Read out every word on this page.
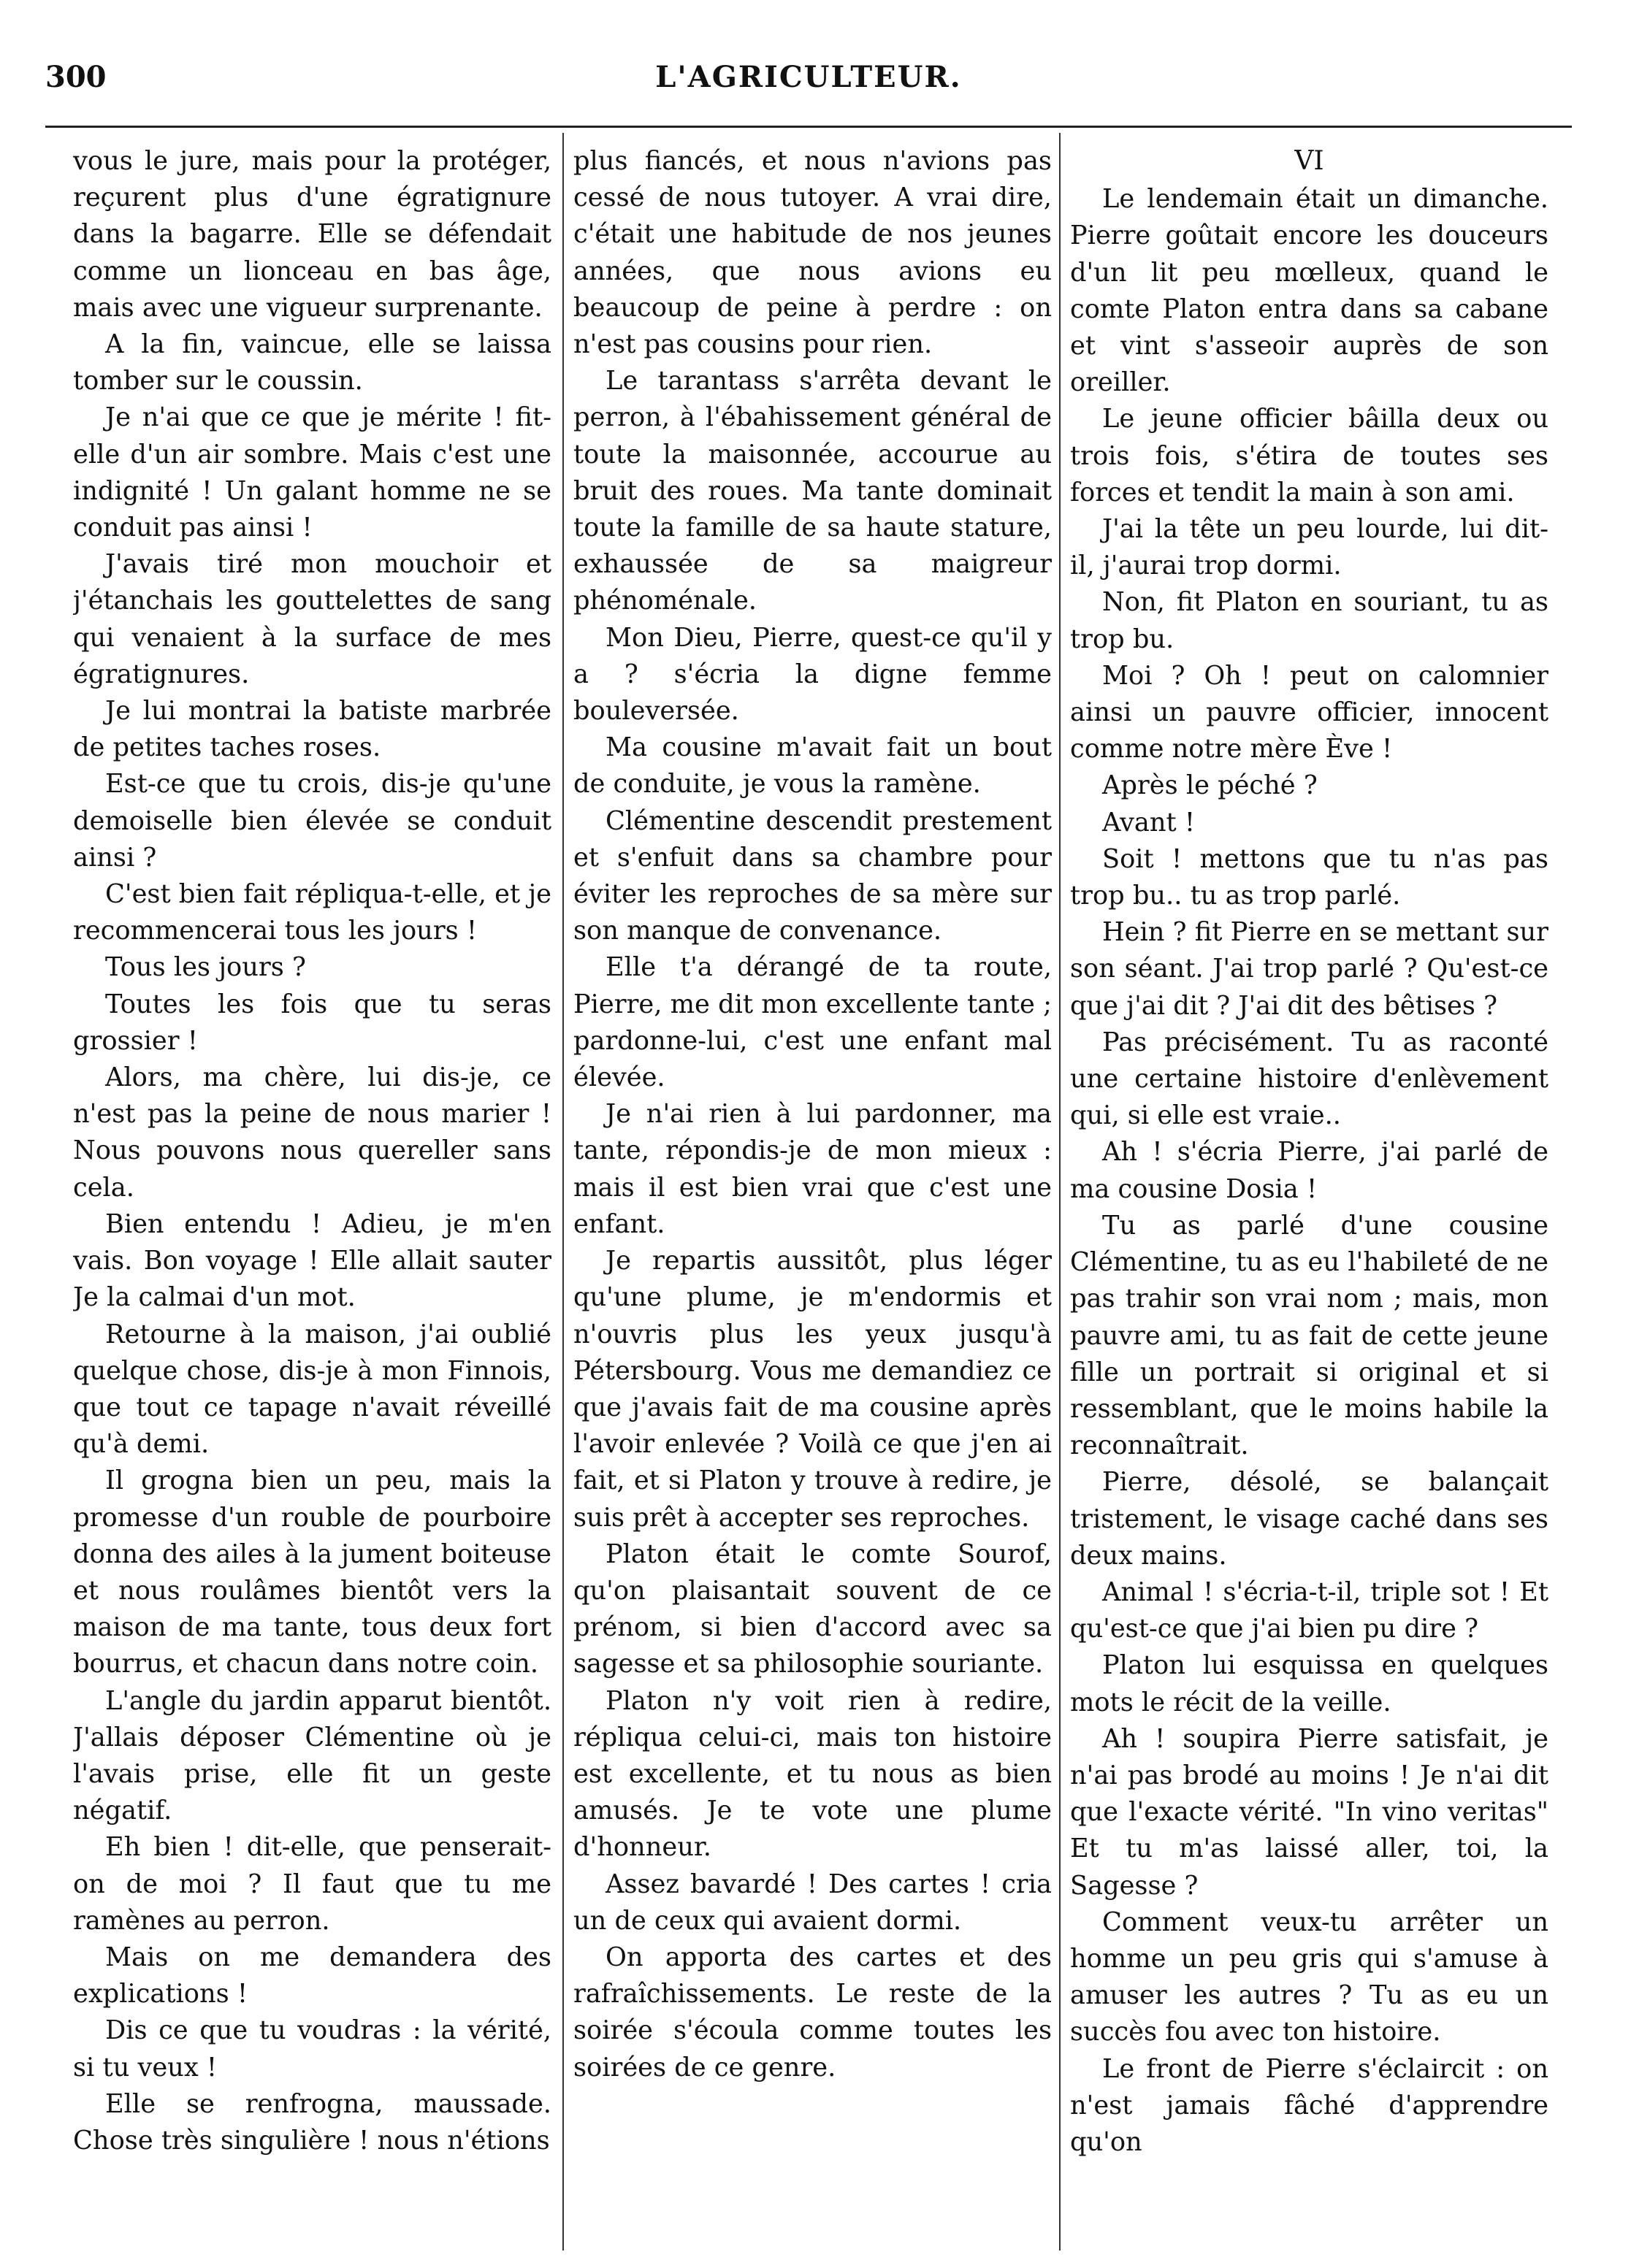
300	L'AGRICULTEUR.

vous le jure, mais pour la protéger, reçurent plus d'une égratignure dans la bagarre. Elle se défendait comme un lionceau en bas âge, mais avec une vigueur surprenante.

A la fin, vaincue, elle se laissa tomber sur le coussin.

Je n'ai que ce que je mérite ! fit-elle d'un air sombre. Mais c'est une indignité ! Un galant homme ne se conduit pas ainsi !

J'avais tiré mon mouchoir et j'étanchais les gouttelettes de sang qui venaient à la surface de mes égratignures.

Je lui montrai la batiste marbrée de petites taches roses.

Est-ce que tu crois, dis-je qu'une demoiselle bien élevée se conduit ainsi ?

C'est bien fait répliqua-t-elle, et je recommencerai tous les jours !

Tous les jours ?

Toutes les fois que tu seras grossier !

Alors, ma chère, lui dis-je, ce n'est pas la peine de nous marier ! Nous pouvons nous quereller sans cela.

Bien entendu ! Adieu, je m'en vais. Bon voyage ! Elle allait sauter Je la calmai d'un mot.

Retourne à la maison, j'ai oublié quelque chose, dis-je à mon Finnois, que tout ce tapage n'avait réveillé qu'à demi.

Il grogna bien un peu, mais la promesse d'un rouble de pourboire donna des ailes à la jument boiteuse et nous roulâmes bientôt vers la maison de ma tante, tous deux fort bourrus, et chacun dans notre coin.

L'angle du jardin apparut bientôt. J'allais déposer Clémentine où je l'avais prise, elle fit un geste négatif.

Eh bien ! dit-elle, que penserait-on de moi ? Il faut que tu me ramènes au perron.

Mais on me demandera des explications !

Dis ce que tu voudras : la vérité, si tu veux !

Elle se renfrogna, maussade. Chose très singulière ! nous n'étions

plus fiancés, et nous n'avions pas cessé de nous tutoyer. A vrai dire, c'était une habitude de nos jeunes années, que nous avions eu beaucoup de peine à perdre : on n'est pas cousins pour rien.

Le tarantass s'arrêta devant le perron, à l'ébahissement général de toute la maisonnée, accourue au bruit des roues. Ma tante dominait toute la famille de sa haute stature, exhaussée de sa maigreur phénoménale.

Mon Dieu, Pierre, quest-ce qu'il y a ? s'écria la digne femme bouleversée.

Ma cousine m'avait fait un bout de conduite, je vous la ramène.

Clémentine descendit prestement et s'enfuit dans sa chambre pour éviter les reproches de sa mère sur son manque de convenance.

Elle t'a dérangé de ta route, Pierre, me dit mon excellente tante ; pardonne-lui, c'est une enfant mal élevée.

Je n'ai rien à lui pardonner, ma tante, répondis-je de mon mieux : mais il est bien vrai que c'est une enfant.

Je repartis aussitôt, plus léger qu'une plume, je m'endormis et n'ouvris plus les yeux jusqu'à Pétersbourg. Vous me demandiez ce que j'avais fait de ma cousine après l'avoir enlevée ? Voilà ce que j'en ai fait, et si Platon y trouve à redire, je suis prêt à accepter ses reproches.

Platon était le comte Sourof, qu'on plaisantait souvent de ce prénom, si bien d'accord avec sa sagesse et sa philosophie souriante.

Platon n'y voit rien à redire, répliqua celui-ci, mais ton histoire est excellente, et tu nous as bien amusés. Je te vote une plume d'honneur.

Assez bavardé ! Des cartes ! cria un de ceux qui avaient dormi.

On apporta des cartes et des rafraîchissements. Le reste de la soirée s'écoula comme toutes les soirées de ce genre.

VI

Le lendemain était un dimanche. Pierre goûtait encore les douceurs d'un lit peu mœlleux, quand le comte Platon entra dans sa cabane et vint s'asseoir auprès de son oreiller.

Le jeune officier bâilla deux ou trois fois, s'étira de toutes ses forces et tendit la main à son ami.

J'ai la tête un peu lourde, lui dit-il, j'aurai trop dormi.

Non, fit Platon en souriant, tu as trop bu.

Moi ? Oh ! peut on calomnier ainsi un pauvre officier, innocent comme notre mère Ève !

Après le péché ?

Avant !

Soit ! mettons que tu n'as pas trop bu.. tu as trop parlé.

Hein ? fit Pierre en se mettant sur son séant. J'ai trop parlé ? Qu'est-ce que j'ai dit ? J'ai dit des bêtises ?

Pas précisément. Tu as raconté une certaine histoire d'enlèvement qui, si elle est vraie..

Ah ! s'écria Pierre, j'ai parlé de ma cousine Dosia !

Tu as parlé d'une cousine Clémentine, tu as eu l'habileté de ne pas trahir son vrai nom ; mais, mon pauvre ami, tu as fait de cette jeune fille un portrait si original et si ressemblant, que le moins habile la reconnaîtrait.

Pierre, désolé, se balançait tristement, le visage caché dans ses deux mains.

Animal ! s'écria-t-il, triple sot ! Et qu'est-ce que j'ai bien pu dire ?

Platon lui esquissa en quelques mots le récit de la veille.

Ah ! soupira Pierre satisfait, je n'ai pas brodé au moins ! Je n'ai dit que l'exacte vérité. "In vino veritas" Et tu m'as laissé aller, toi, la Sagesse ?

Comment veux-tu arrêter un homme un peu gris qui s'amuse à amuser les autres ? Tu as eu un succès fou avec ton histoire.

Le front de Pierre s'éclaircit : on n'est jamais fâché d'apprendre qu'on
